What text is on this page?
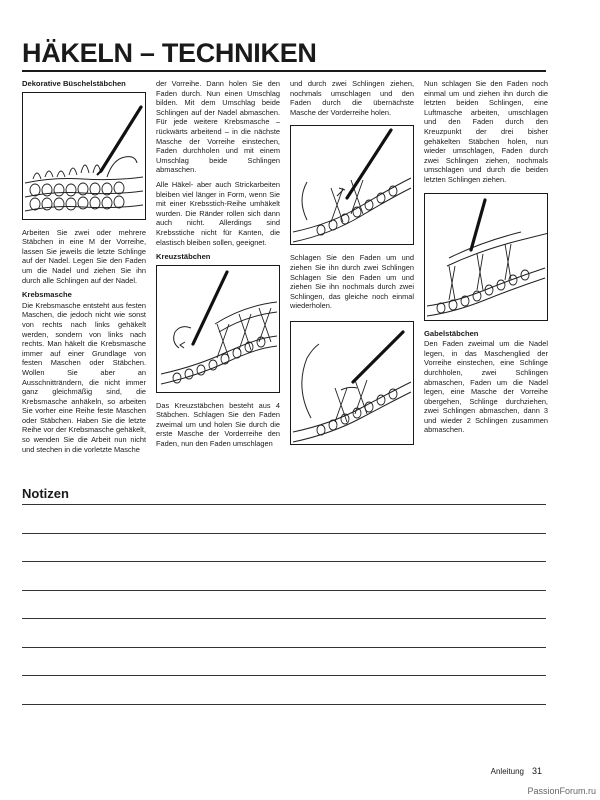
HÄKELN – TECHNIKEN
Dekorative Büschelstäbchen

Arbeiten Sie zwei oder mehrere Stäbchen in eine M der Vorreihe, lassen Sie jeweils die letzte Schlinge auf der Nadel. Legen Sie den Faden um die Nadel und ziehen Sie ihn durch alle Schlingen auf der Nadel.

Krebsmasche

Die Krebsmasche entsteht aus festen Maschen, die jedoch nicht wie sonst von rechts nach links gehäkelt werden, sondern von links nach rechts. Man häkelt die Krebsmasche immer auf einer Grundlage von festen Maschen oder Stäbchen. Wollen Sie aber an Ausschnitträndern, die nicht immer ganz gleichmäßig sind, die Krebsmasche anhäkeln, so arbeiten Sie vorher eine Reihe feste Maschen oder Stäbchen. Haben Sie die letzte Reihe vor der Krebsmasche gehäkelt, so wenden Sie die Arbeit nun nicht und stechen in die vorletzte Masche

der Vorreihe. Dann holen Sie den Faden durch. Nun einen Umschlag bilden. Mit dem Umschlag beide Schlingen auf der Nadel abmaschen. Für jede weitere Krebsmasche – rückwärts arbeitend – in die nächste Masche der Vorreihe einstechen, Faden durchholen und mit einem Umschlag beide Schlingen abmaschen.

Alle Häkel- aber auch Strickarbeiten bleiben viel länger in Form, wenn Sie mit einer Krebsstich-Reihe umhäkelt wurden. Die Ränder rollen sich dann auch nicht. Allerdings sind Krebsstiche nicht für Kanten, die elastisch bleiben sollen, geeignet.

Kreuzstäbchen

Das Kreuzstäbchen besteht aus 4 Stäbchen. Schlagen Sie den Faden zweimal um und holen Sie durch die erste Masche der Vorderreihe den Faden, nun den Faden umschlagen

und durch zwei Schlingen ziehen, nochmals umschlagen und den Faden durch die übernächste Masche der Vorderreihe holen.

Schlagen Sie den Faden um und ziehen Sie ihn durch zwei Schlingen Schlagen Sie den Faden um und ziehen Sie ihn nochmals durch zwei Schlingen, das gleiche noch einmal wiederholen.

Nun schlagen Sie den Faden noch einmal um und ziehen ihn durch die letzten beiden Schlingen, eine Luftmasche arbeiten, umschlagen und den Faden durch den Kreuzpunkt der drei bisher gehäkelten Stäbchen holen, nun wieder umschlagen, Faden durch zwei Schlingen ziehen, nochmals umschlagen und durch die beiden letzten Schlingen ziehen.

Gabelstäbchen

Den Faden zweimal um die Nadel legen, in das Maschenglied der Vorreihe einstechen, eine Schlinge durchholen, zwei Schlingen abmaschen, Faden um die Nadel legen, eine Masche der Vorreihe übergehen, Schlinge durchziehen, zwei Schlingen abmaschen, dann 3 und wieder 2 Schlingen zusammen abmaschen.

Notizen
Anleitung 31
PassionForum.ru
